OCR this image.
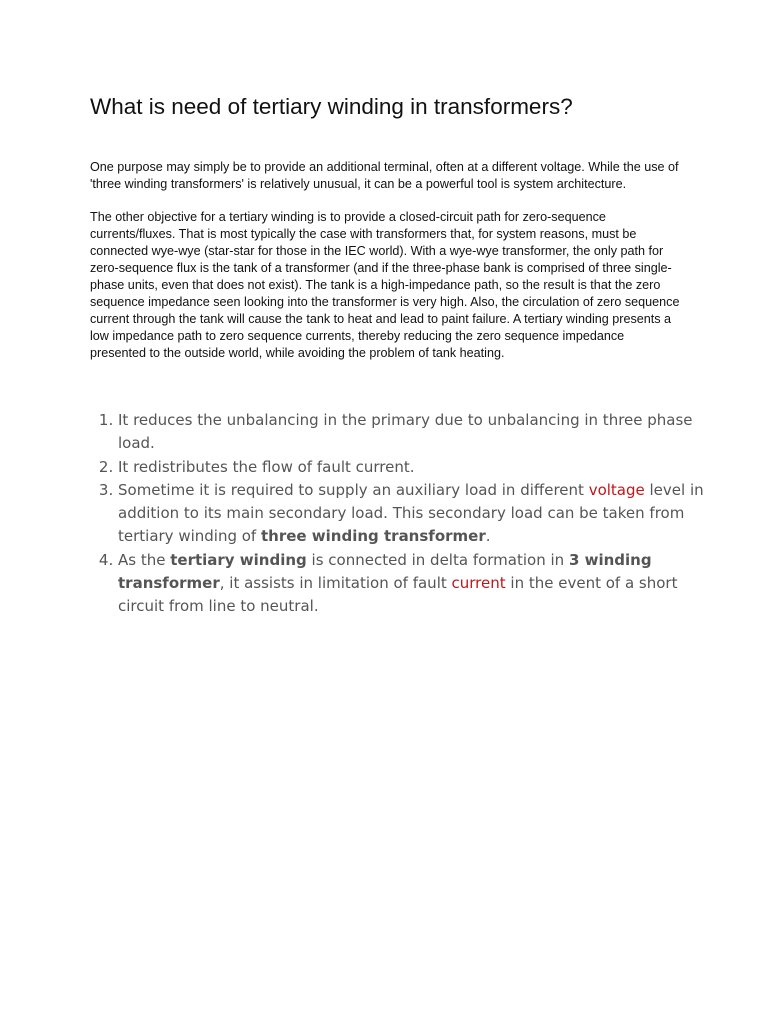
What is need of tertiary winding in transformers?

One purpose may simply be to provide an additional terminal, often at a different voltage. While the use of 'three winding transformers' is relatively unusual, it can be a powerful tool is system architecture.

The other objective for a tertiary winding is to provide a closed-circuit path for zero-sequence currents/fluxes. That is most typically the case with transformers that, for system reasons, must be connected wye-wye (star-star for those in the IEC world). With a wye-wye transformer, the only path for zero-sequence flux is the tank of a transformer (and if the three-phase bank is comprised of three single-phase units, even that does not exist). The tank is a high-impedance path, so the result is that the zero sequence impedance seen looking into the transformer is very high. Also, the circulation of zero sequence current through the tank will cause the tank to heat and lead to paint failure. A tertiary winding presents a low impedance path to zero sequence currents, thereby reducing the zero sequence impedance presented to the outside world, while avoiding the problem of tank heating.

1. It reduces the unbalancing in the primary due to unbalancing in three phase load.
2. It redistributes the flow of fault current.
3. Sometime it is required to supply an auxiliary load in different voltage level in addition to its main secondary load. This secondary load can be taken from tertiary winding of three winding transformer.
4. As the tertiary winding is connected in delta formation in 3 winding transformer, it assists in limitation of fault current in the event of a short circuit from line to neutral.
